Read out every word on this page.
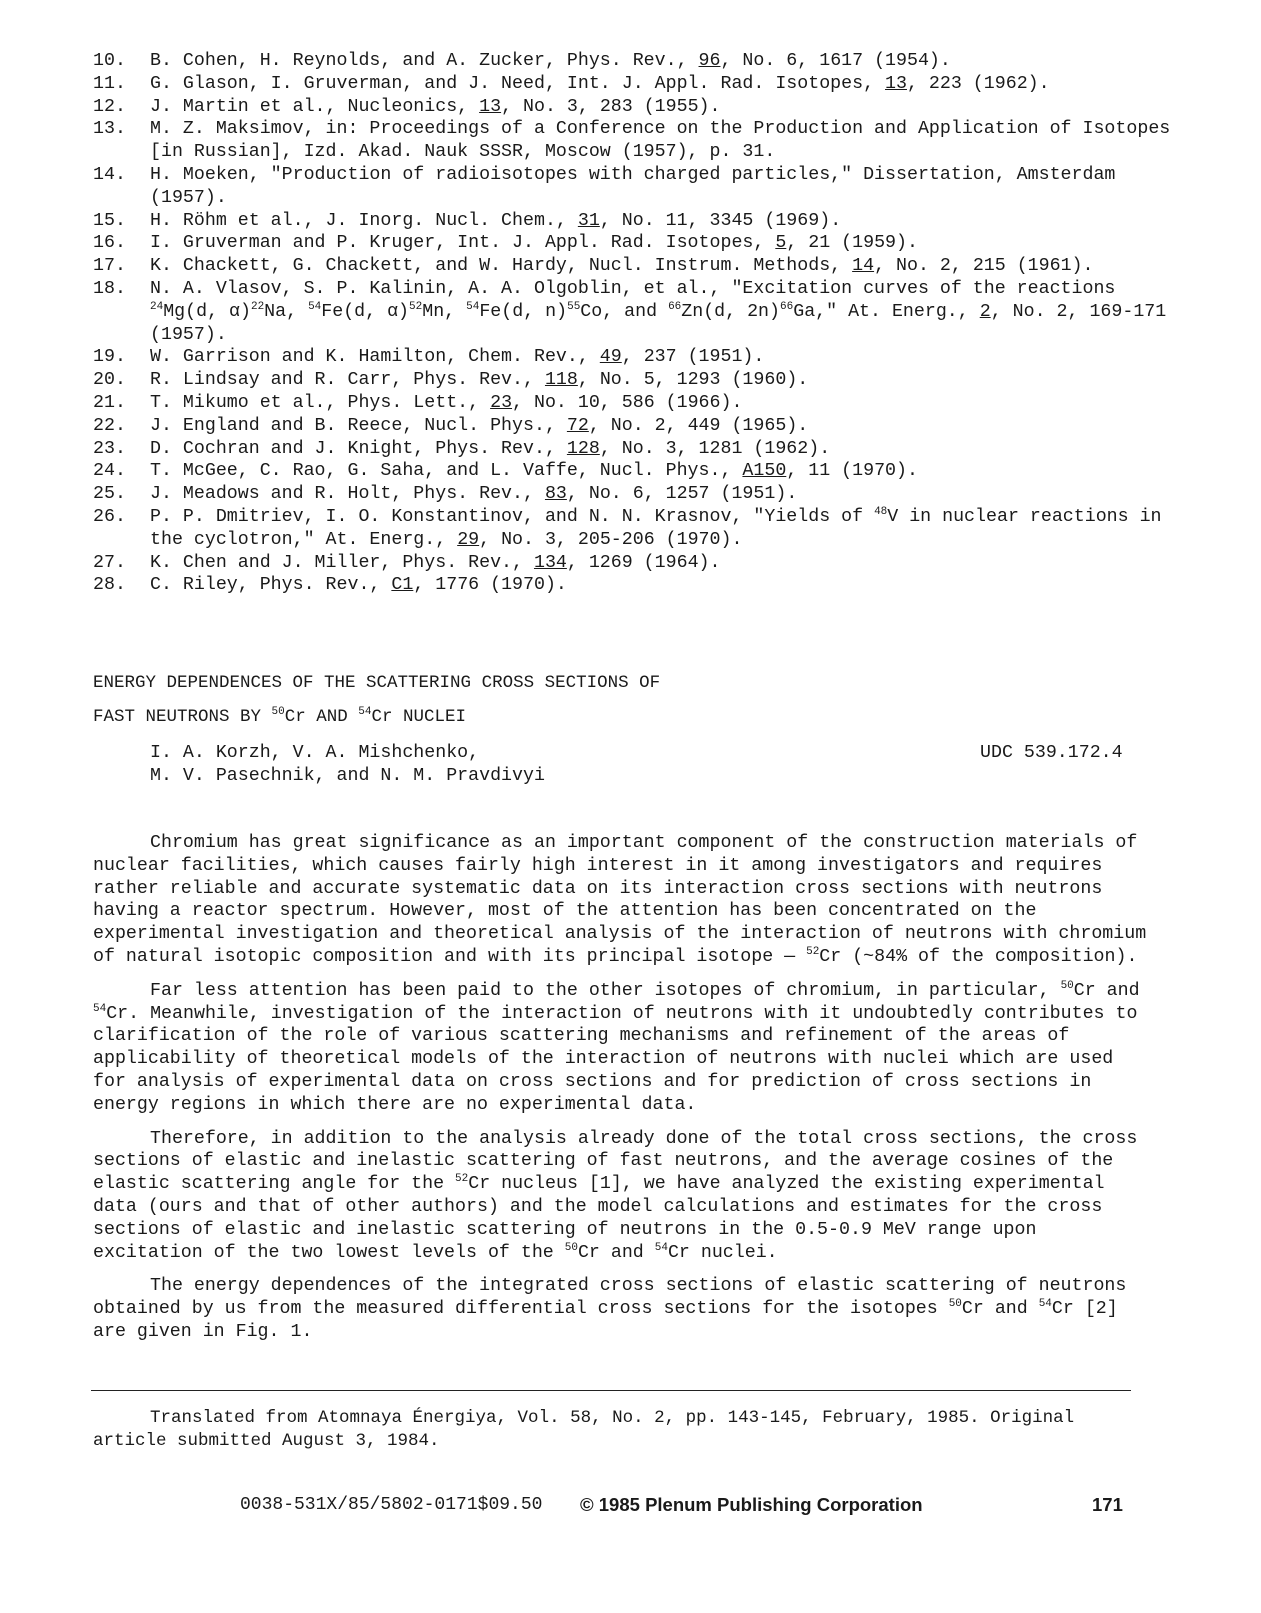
10.	B. Cohen, H. Reynolds, and A. Zucker, Phys. Rev., 96, No. 6, 1617 (1954).
11.	G. Glason, I. Gruverman, and J. Need, Int. J. Appl. Rad. Isotopes, 13, 223 (1962).
12.	J. Martin et al., Nucleonics, 13, No. 3, 283 (1955).
13.	M. Z. Maksimov, in: Proceedings of a Conference on the Production and Application of Isotopes [in Russian], Izd. Akad. Nauk SSSR, Moscow (1957), p. 31.
14.	H. Moeken, "Production of radioisotopes with charged particles," Dissertation, Amsterdam (1957).
15.	H. Röhm et al., J. Inorg. Nucl. Chem., 31, No. 11, 3345 (1969).
16.	I. Gruverman and P. Kruger, Int. J. Appl. Rad. Isotopes, 5, 21 (1959).
17.	K. Chackett, G. Chackett, and W. Hardy, Nucl. Instrum. Methods, 14, No. 2, 215 (1961).
18.	N. A. Vlasov, S. P. Kalinin, A. A. Olgoblin, et al., "Excitation curves of the reactions $^{24}$Mg(d, α)$^{22}$Na, $^{54}$Fe(d, α)$^{52}$Mn, $^{54}$Fe(d, n)$^{55}$Co, and $^{66}$Zn(d, 2n)$^{66}$Ga," At. Energ., 2, No. 2, 169-171 (1957).
19.	W. Garrison and K. Hamilton, Chem. Rev., 49, 237 (1951).
20.	R. Lindsay and R. Carr, Phys. Rev., 118, No. 5, 1293 (1960).
21.	T. Mikumo et al., Phys. Lett., 23, No. 10, 586 (1966).
22.	J. England and B. Reece, Nucl. Phys., 72, No. 2, 449 (1965).
23.	D. Cochran and J. Knight, Phys. Rev., 128, No. 3, 1281 (1962).
24.	T. McGee, C. Rao, G. Saha, and L. Vaffe, Nucl. Phys., A150, 11 (1970).
25.	J. Meadows and R. Holt, Phys. Rev., 83, No. 6, 1257 (1951).
26.	P. P. Dmitriev, I. O. Konstantinov, and N. N. Krasnov, "Yields of $^{48}$V in nuclear reactions in the cyclotron," At. Energ., 29, No. 3, 205-206 (1970).
27.	K. Chen and J. Miller, Phys. Rev., 134, 1269 (1964).
28.	C. Riley, Phys. Rev., C1, 1776 (1970).
ENERGY DEPENDENCES OF THE SCATTERING CROSS SECTIONS OF
FAST NEUTRONS BY $^{50}$Cr AND $^{54}$Cr NUCLEI
I. A. Korzh, V. A. Mishchenko,
M. V. Pasechnik, and N. M. Pravdivyi
UDC 539.172.4

Chromium has great significance as an important component of the construction materials of nuclear facilities, which causes fairly high interest in it among investigators and requires rather reliable and accurate systematic data on its interaction cross sections with neutrons having a reactor spectrum. However, most of the attention has been concentrated on the experimental investigation and theoretical analysis of the interaction of neutrons with chromium of natural isotopic composition and with its principal isotope — $^{52}$Cr (~84% of the composition).

Far less attention has been paid to the other isotopes of chromium, in particular, $^{50}$Cr and $^{54}$Cr. Meanwhile, investigation of the interaction of neutrons with it undoubtedly contributes to clarification of the role of various scattering mechanisms and refinement of the areas of applicability of theoretical models of the interaction of neutrons with nuclei which are used for analysis of experimental data on cross sections and for prediction of cross sections in energy regions in which there are no experimental data.

Therefore, in addition to the analysis already done of the total cross sections, the cross sections of elastic and inelastic scattering of fast neutrons, and the average cosines of the elastic scattering angle for the $^{52}$Cr nucleus [1], we have analyzed the existing experimental data (ours and that of other authors) and the model calculations and estimates for the cross sections of elastic and inelastic scattering of neutrons in the 0.5-0.9 MeV range upon excitation of the two lowest levels of the $^{50}$Cr and $^{54}$Cr nuclei.

The energy dependences of the integrated cross sections of elastic scattering of neutrons obtained by us from the measured differential cross sections for the isotopes $^{50}$Cr and $^{54}$Cr [2] are given in Fig. 1.

Translated from Atomnaya Énergiya, Vol. 58, No. 2, pp. 143-145, February, 1985. Original
article submitted August 3, 1984.
0038-531X/85/5802-0171$09.50 © 1985 Plenum Publishing Corporation	171
